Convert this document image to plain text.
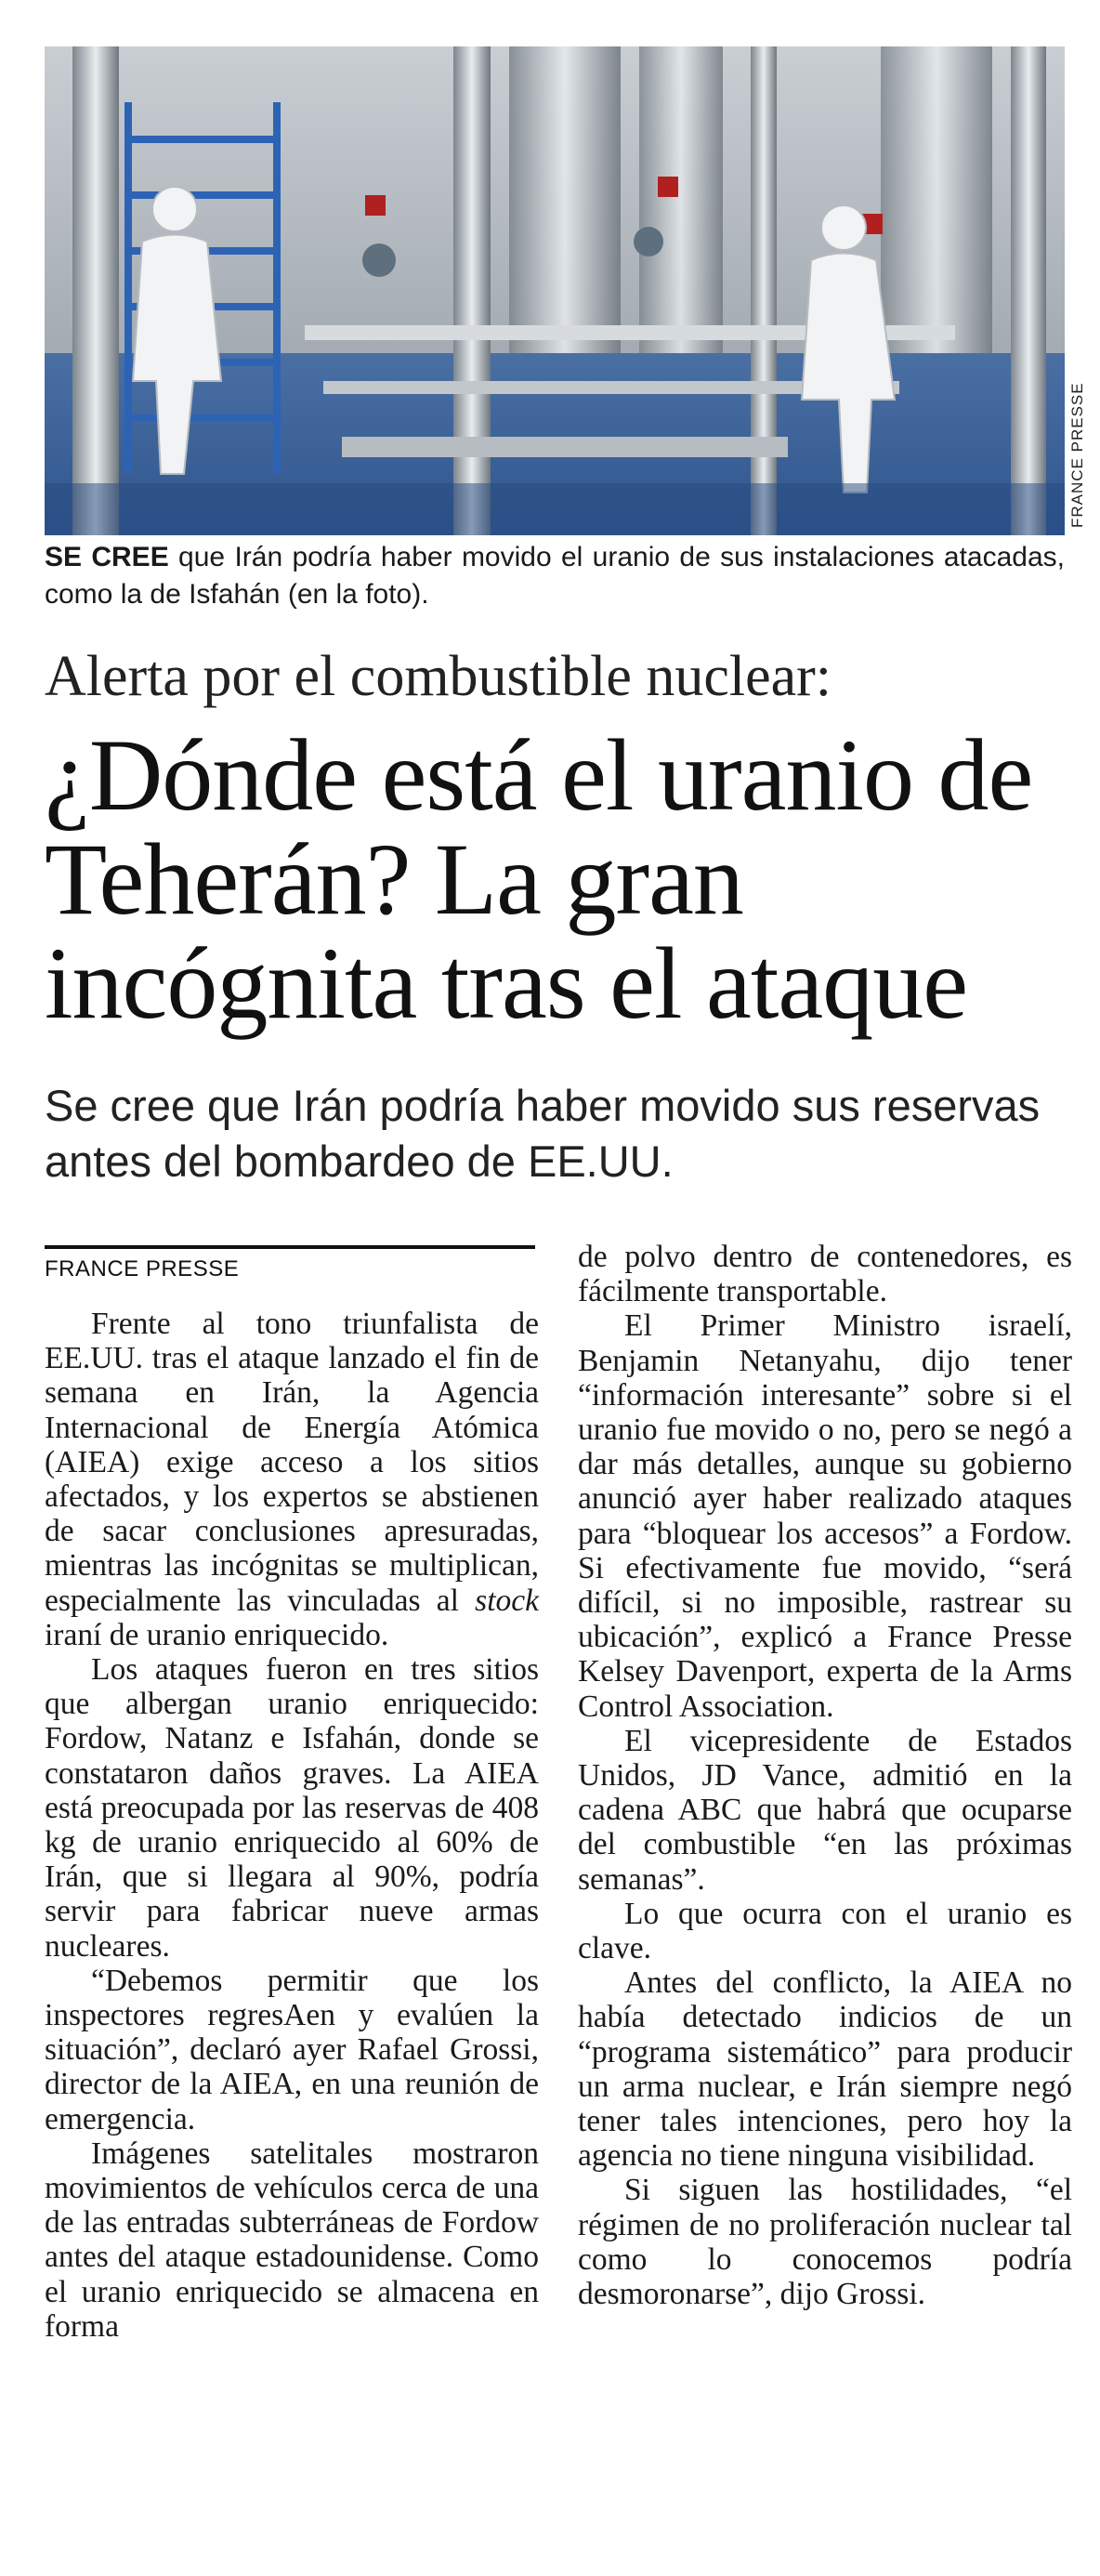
FRANCE PRESSE
SE CREE que Irán podría haber movido el uranio de sus instalaciones atacadas, como la de Isfahán (en la foto).
Alerta por el combustible nuclear:
¿Dónde está el uranio de Teherán? La gran incógnita tras el ataque
Se cree que Irán podría haber movido sus reservas antes del bombardeo de EE.UU.
FRANCE PRESSE

Frente al tono triunfalista de EE.UU. tras el ataque lanzado el fin de semana en Irán, la Agencia Internacional de Energía Atómica (AIEA) exige acceso a los sitios afectados, y los expertos se abstienen de sacar conclusiones apresuradas, mientras las incógnitas se multiplican, especialmente las vinculadas al stock iraní de uranio enriquecido.

Los ataques fueron en tres sitios que albergan uranio enriquecido: Fordow, Natanz e Isfahán, donde se constataron daños graves. La AIEA está preocupada por las reservas de 408 kg de uranio enriquecido al 60% de Irán, que si llegara al 90%, podría servir para fabricar nueve armas nucleares.

“Debemos permitir que los inspectores regresAen y evalúen la situación”, declaró ayer Rafael Grossi, director de la AIEA, en una reunión de emergencia.

Imágenes satelitales mostraron movimientos de vehículos cerca de una de las entradas subterráneas de Fordow antes del ataque estadounidense. Como el uranio enriquecido se almacena en forma

de polvo dentro de contenedores, es fácilmente transportable.

El Primer Ministro israelí, Benjamin Netanyahu, dijo tener “información interesante” sobre si el uranio fue movido o no, pero se negó a dar más detalles, aunque su gobierno anunció ayer haber realizado ataques para “bloquear los accesos” a Fordow. Si efectivamente fue movido, “será difícil, si no imposible, rastrear su ubicación”, explicó a France Presse Kelsey Davenport, experta de la Arms Control Association.

El vicepresidente de Estados Unidos, JD Vance, admitió en la cadena ABC que habrá que ocuparse del combustible “en las próximas semanas”.

Lo que ocurra con el uranio es clave.

Antes del conflicto, la AIEA no había detectado indicios de un “programa sistemático” para producir un arma nuclear, e Irán siempre negó tener tales intenciones, pero hoy la agencia no tiene ninguna visibilidad.

Si siguen las hostilidades, “el régimen de no proliferación nuclear tal como lo conocemos podría desmoronarse”, dijo Grossi.
